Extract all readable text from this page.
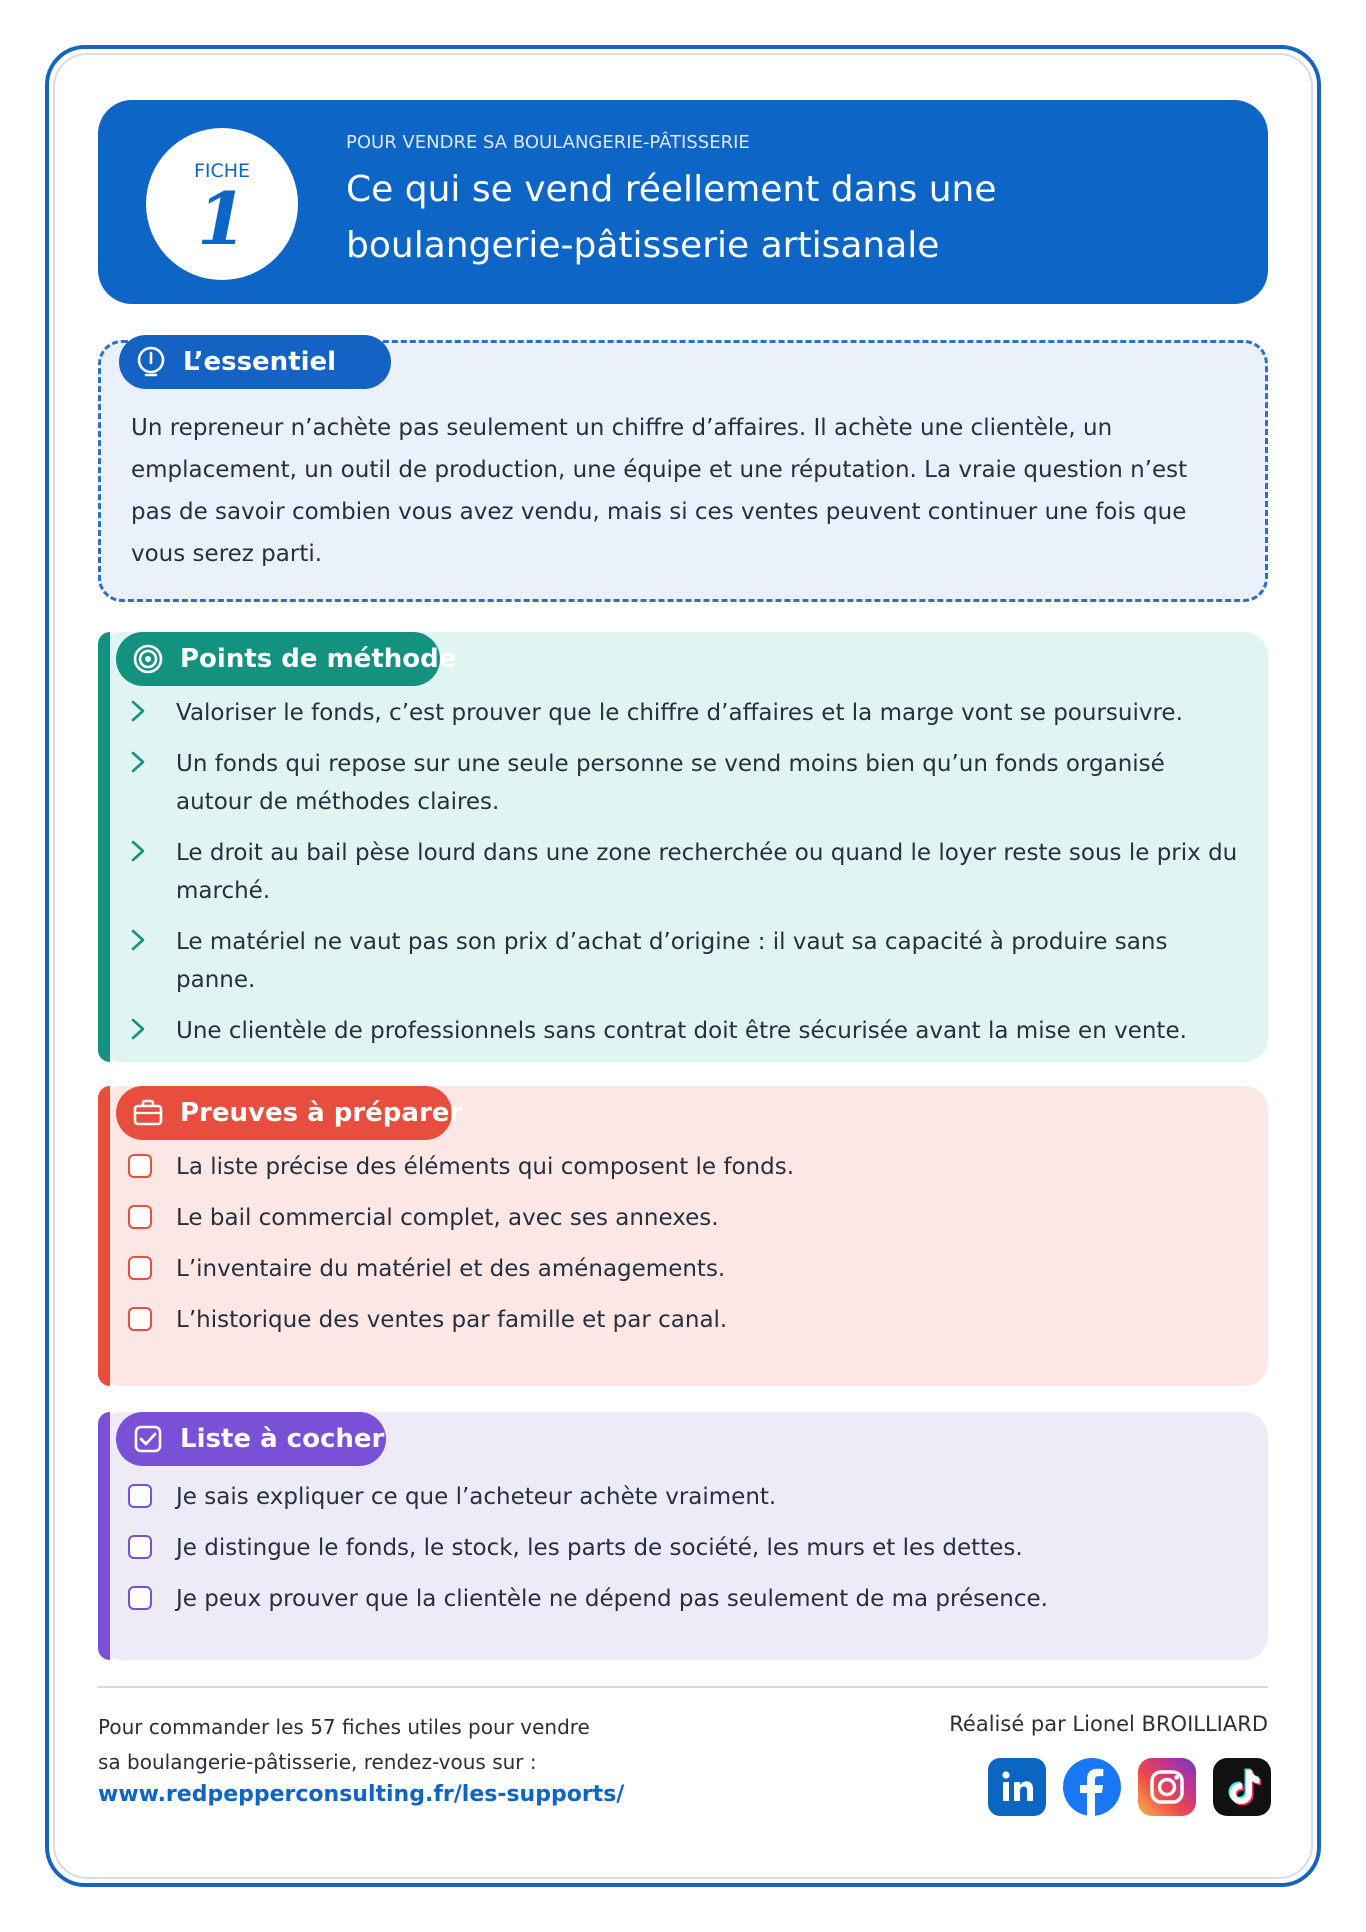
FICHE
1
POUR VENDRE SA BOULANGERIE-PÂTISSERIE
Ce qui se vend réellement dans une boulangerie-pâtisserie artisanale
L’essentiel
Un repreneur n’achète pas seulement un chiffre d’affaires. Il achète une clientèle, un emplacement, un outil de production, une équipe et une réputation. La vraie question n’est pas de savoir combien vous avez vendu, mais si ces ventes peuvent continuer une fois que vous serez parti.
Points de méthode
Valoriser le fonds, c’est prouver que le chiffre d’affaires et la marge vont se poursuivre.
Un fonds qui repose sur une seule personne se vend moins bien qu’un fonds organisé autour de méthodes claires.
Le droit au bail pèse lourd dans une zone recherchée ou quand le loyer reste sous le prix du marché.
Le matériel ne vaut pas son prix d’achat d’origine : il vaut sa capacité à produire sans panne.
Une clientèle de professionnels sans contrat doit être sécurisée avant la mise en vente.
Preuves à préparer
La liste précise des éléments qui composent le fonds.
Le bail commercial complet, avec ses annexes.
L’inventaire du matériel et des aménagements.
L’historique des ventes par famille et par canal.
Liste à cocher
Je sais expliquer ce que l’acheteur achète vraiment.
Je distingue le fonds, le stock, les parts de société, les murs et les dettes.
Je peux prouver que la clientèle ne dépend pas seulement de ma présence.
Pour commander les 57 fiches utiles pour vendre
sa boulangerie-pâtisserie, rendez-vous sur :
www.redpepperconsulting.fr/les-supports/
Réalisé par Lionel BROILLIARD
